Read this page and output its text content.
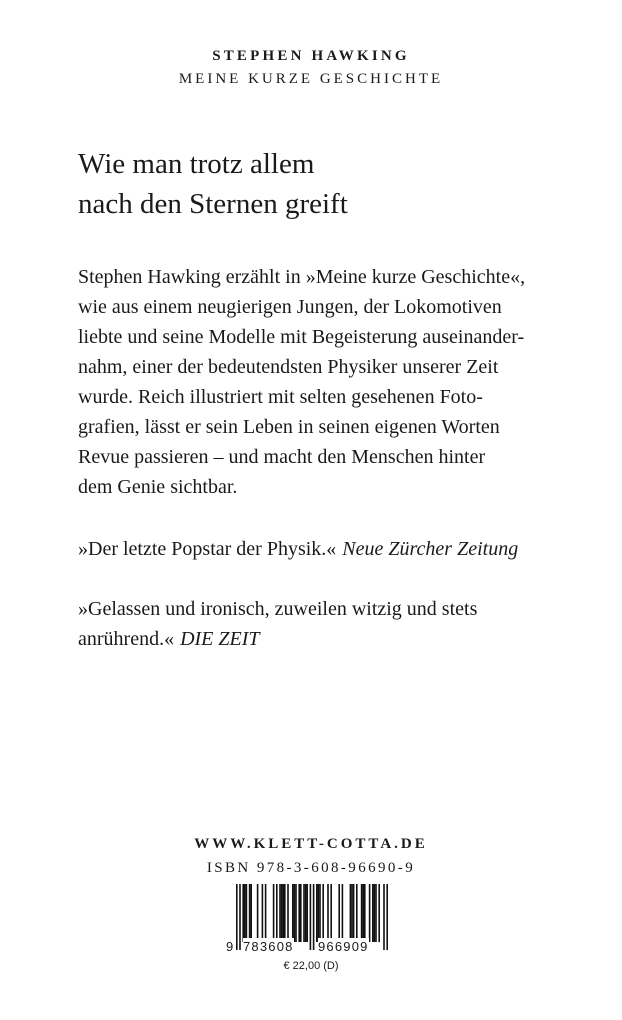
STEPHEN HAWKING
MEINE KURZE GESCHICHTE
Wie man trotz allem
nach den Sternen greift
Stephen Hawking erzählt in »Meine kurze Geschichte«,
wie aus einem neugierigen Jungen, der Lokomotiven
liebte und seine Modelle mit Begeisterung auseinander-
nahm, einer der bedeutendsten Physiker unserer Zeit
wurde. Reich illustriert mit selten gesehenen Foto-
grafien, lässt er sein Leben in seinen eigenen Worten
Revue passieren – und macht den Menschen hinter
dem Genie sichtbar.
»Der letzte Popstar der Physik.« Neue Zürcher Zeitung
»Gelassen und ironisch, zuweilen witzig und stets
anrührend.« DIE ZEIT
WWW.KLETT-COTTA.DE
ISBN 978-3-608-96690-9
9 783608 966909
€ 22,00 (D)
